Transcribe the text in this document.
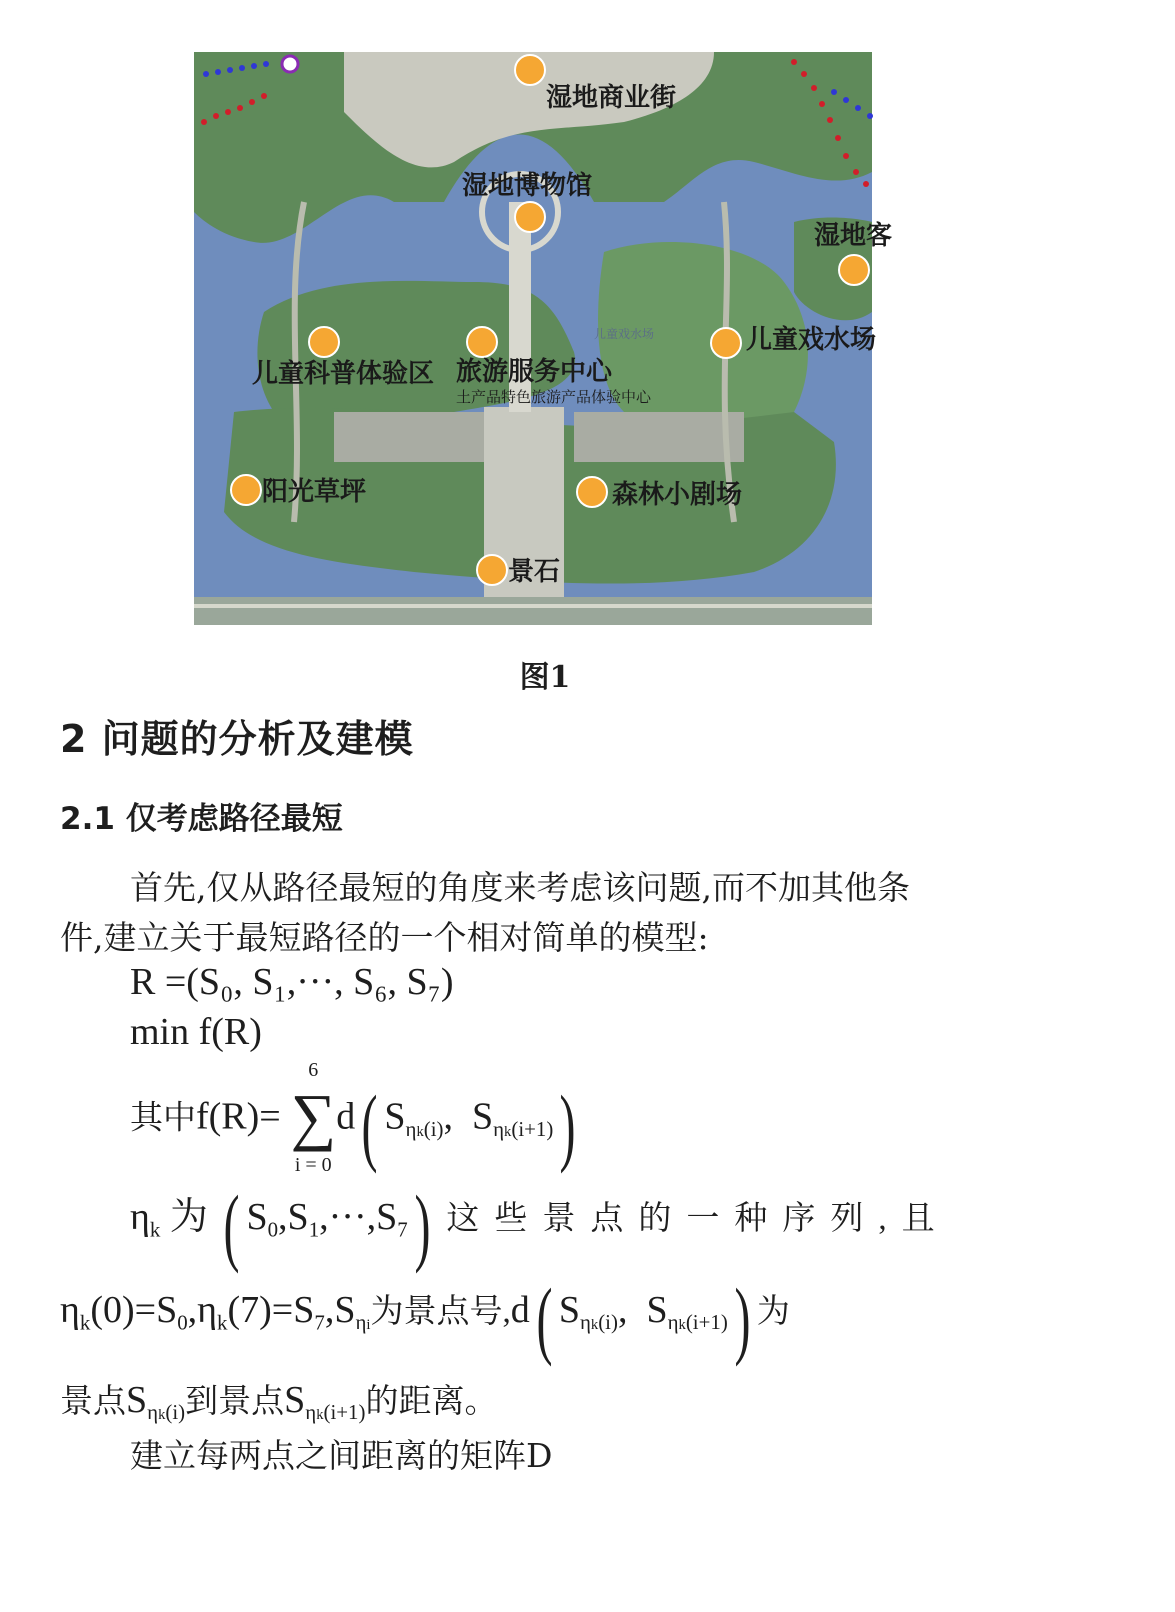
湿地商业街
湿地博物馆
湿地客
儿童科普体验区 旅游服务中心
土产品特色旅游产品体验中心
儿童戏水场
儿童戏水场
阳光草坪	森林小剧场
景石
图1
2 问题的分析及建模
2.1 仅考虑路径最短
首先,仅从路径最短的角度来考虑该问题,而不加其他条
件,建立关于最短路径的一个相对简单的模型:
R =(S₀, S₁,···, S₆, S₇)
min f(R)
其中f(R)=
6
∑
i = 0
d( $S_{\eta k(i)}$,  $S_{\eta k(i+1)}$)
$\eta_k$ 为 ( $S_0,S_1,\cdot\cdot\cdot,S_7$) 这些景点的一种序列,且
$\eta_k(0)=S_0,\eta_k(7)=S_7,S_{\eta i}$为景点号,d( $S_{\eta k(i)}$,  $S_{\eta k(i+1)}$) 为
景点$S_{\eta k(i)}$到景点$S_{\eta k(i+1)}$的距离。
建立每两点之间距离的矩阵D
